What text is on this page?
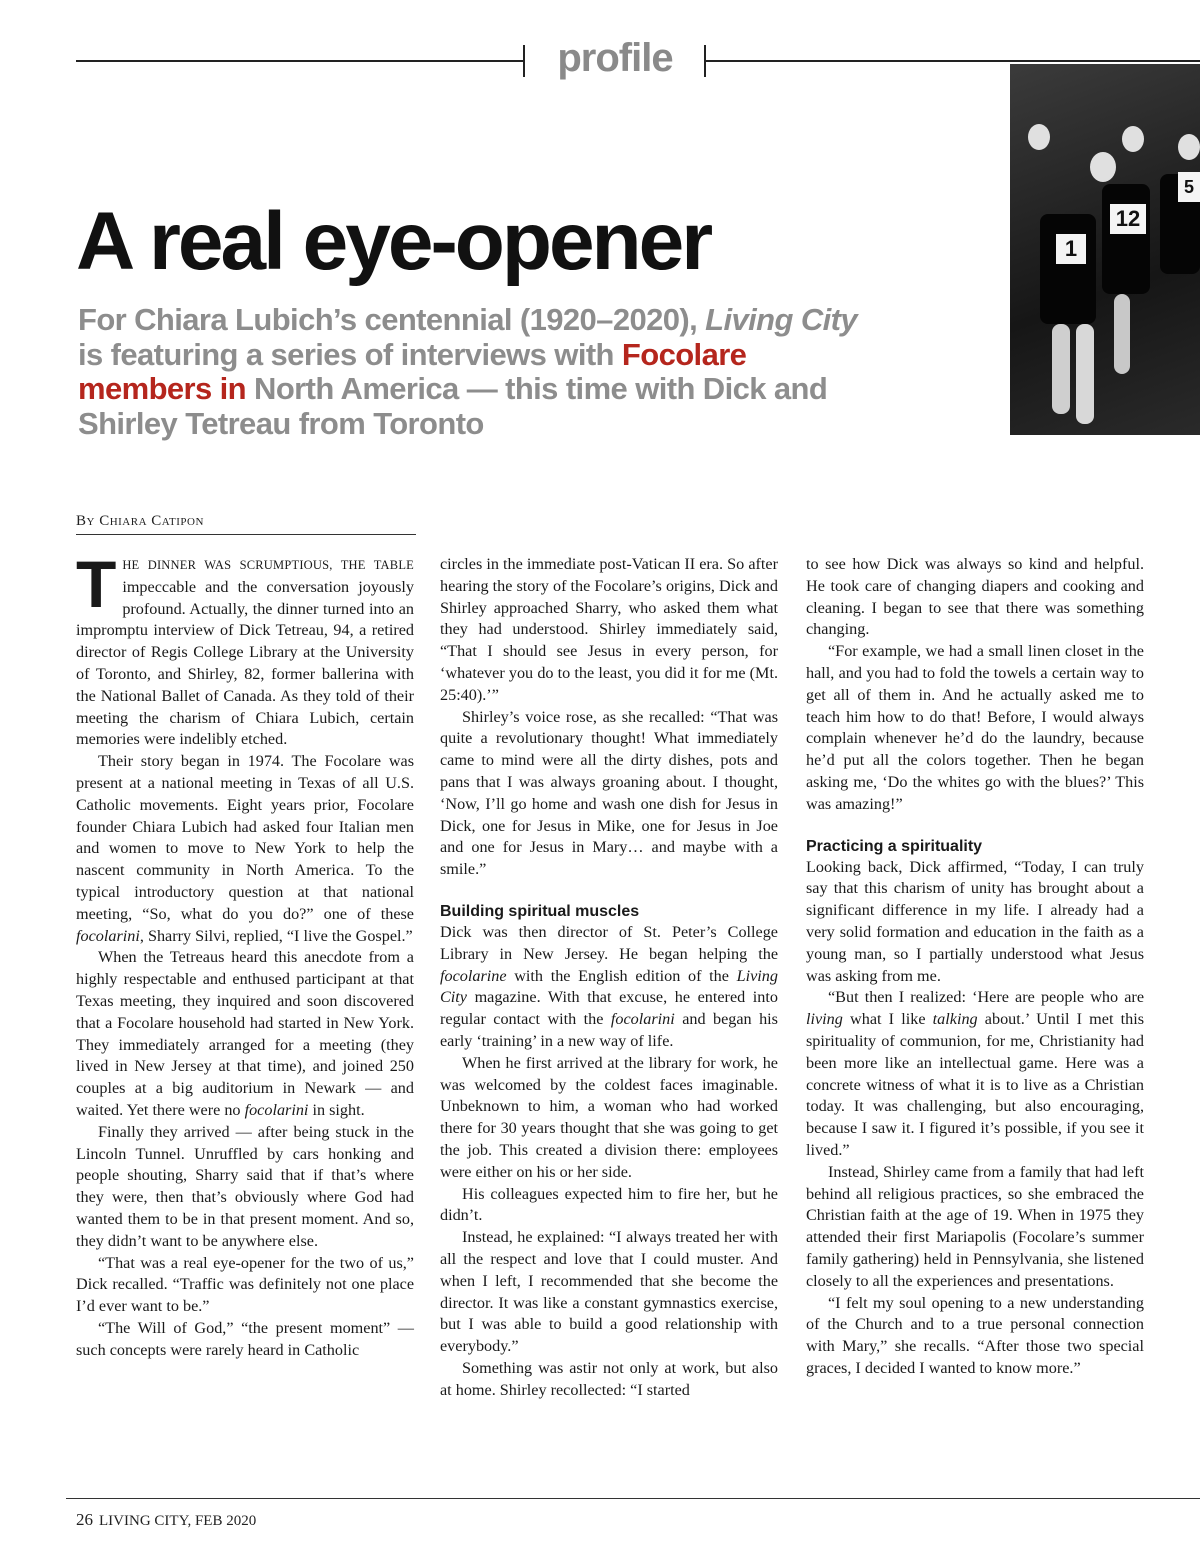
profile
1
12
5
A real eye-opener

For Chiara Lubich’s centennial (1920–2020), Living City is featuring a series of interviews with Focolare members in North America — this time with Dick and Shirley Tetreau from Toronto

By Chiara Catipon

THE DINNER WAS SCRUMPTIOUS, THE TABLE impeccable and the conversation joyously profound. Actually, the dinner turned into an impromptu interview of Dick Tetreau, 94, a retired director of Regis College Library at the University of Toronto, and Shirley, 82, former ballerina with the National Ballet of Canada. As they told of their meeting the charism of Chiara Lubich, certain memories were indelibly etched.

Their story began in 1974. The Focolare was present at a national meeting in Texas of all U.S. Catholic movements. Eight years prior, Focolare founder Chiara Lubich had asked four Italian men and women to move to New York to help the nascent community in North America. To the typical introductory question at that national meeting, “So, what do you do?” one of these focolarini, Sharry Silvi, replied, “I live the Gospel.”

When the Tetreaus heard this anecdote from a highly respectable and enthused participant at that Texas meeting, they inquired and soon discovered that a Focolare household had started in New York. They immediately arranged for a meeting (they lived in New Jersey at that time), and joined 250 couples at a big auditorium in Newark — and waited. Yet there were no focolarini in sight.

Finally they arrived — after being stuck in the Lincoln Tunnel. Unruffled by cars honking and people shouting, Sharry said that if that’s where they were, then that’s obviously where God had wanted them to be in that present moment. And so, they didn’t want to be anywhere else.

“That was a real eye-opener for the two of us,” Dick recalled. “Traffic was definitely not one place I’d ever want to be.”

“The Will of God,” “the present moment” — such concepts were rarely heard in Catholic

circles in the immediate post-Vatican II era. So after hearing the story of the Focolare’s origins, Dick and Shirley approached Sharry, who asked them what they had understood. Shirley immediately said, “That I should see Jesus in every person, for ‘whatever you do to the least, you did it for me (Mt. 25:40).’”

Shirley’s voice rose, as she recalled: “That was quite a revolutionary thought! What immediately came to mind were all the dirty dishes, pots and pans that I was always groaning about. I thought, ‘Now, I’ll go home and wash one dish for Jesus in Dick, one for Jesus in Mike, one for Jesus in Joe and one for Jesus in Mary… and maybe with a smile.”

Building spiritual muscles

Dick was then director of St. Peter’s College Library in New Jersey. He began helping the focolarine with the English edition of the Living City magazine. With that excuse, he entered into regular contact with the focolarini and began his early ‘training’ in a new way of life.

When he first arrived at the library for work, he was welcomed by the coldest faces imaginable. Unbeknown to him, a woman who had worked there for 30 years thought that she was going to get the job. This created a division there: employees were either on his or her side.

His colleagues expected him to fire her, but he didn’t.

Instead, he explained: “I always treated her with all the respect and love that I could muster. And when I left, I recommended that she become the director. It was like a constant gymnastics exercise, but I was able to build a good relationship with everybody.”

Something was astir not only at work, but also at home. Shirley recollected: “I started

to see how Dick was always so kind and helpful. He took care of changing diapers and cooking and cleaning. I began to see that there was something changing.

“For example, we had a small linen closet in the hall, and you had to fold the towels a certain way to get all of them in. And he actually asked me to teach him how to do that! Before, I would always complain whenever he’d do the laundry, because he’d put all the colors together. Then he began asking me, ‘Do the whites go with the blues?’ This was amazing!”

Practicing a spirituality

Looking back, Dick affirmed, “Today, I can truly say that this charism of unity has brought about a significant difference in my life. I already had a very solid formation and education in the faith as a young man, so I partially understood what Jesus was asking from me.

“But then I realized: ‘Here are people who are living what I like talking about.’ Until I met this spirituality of communion, for me, Christianity had been more like an intellectual game. Here was a concrete witness of what it is to live as a Christian today. It was challenging, but also encouraging, because I saw it. I figured it’s possible, if you see it lived.”

Instead, Shirley came from a family that had left behind all religious practices, so she embraced the Christian faith at the age of 19. When in 1975 they attended their first Mariapolis (Focolare’s summer family gathering) held in Pennsylvania, she listened closely to all the experiences and presentations.

“I felt my soul opening to a new understanding of the Church and to a true personal connection with Mary,” she recalls. “After those two special graces, I decided I wanted to know more.”

26 LIVING CITY, FEB 2020
